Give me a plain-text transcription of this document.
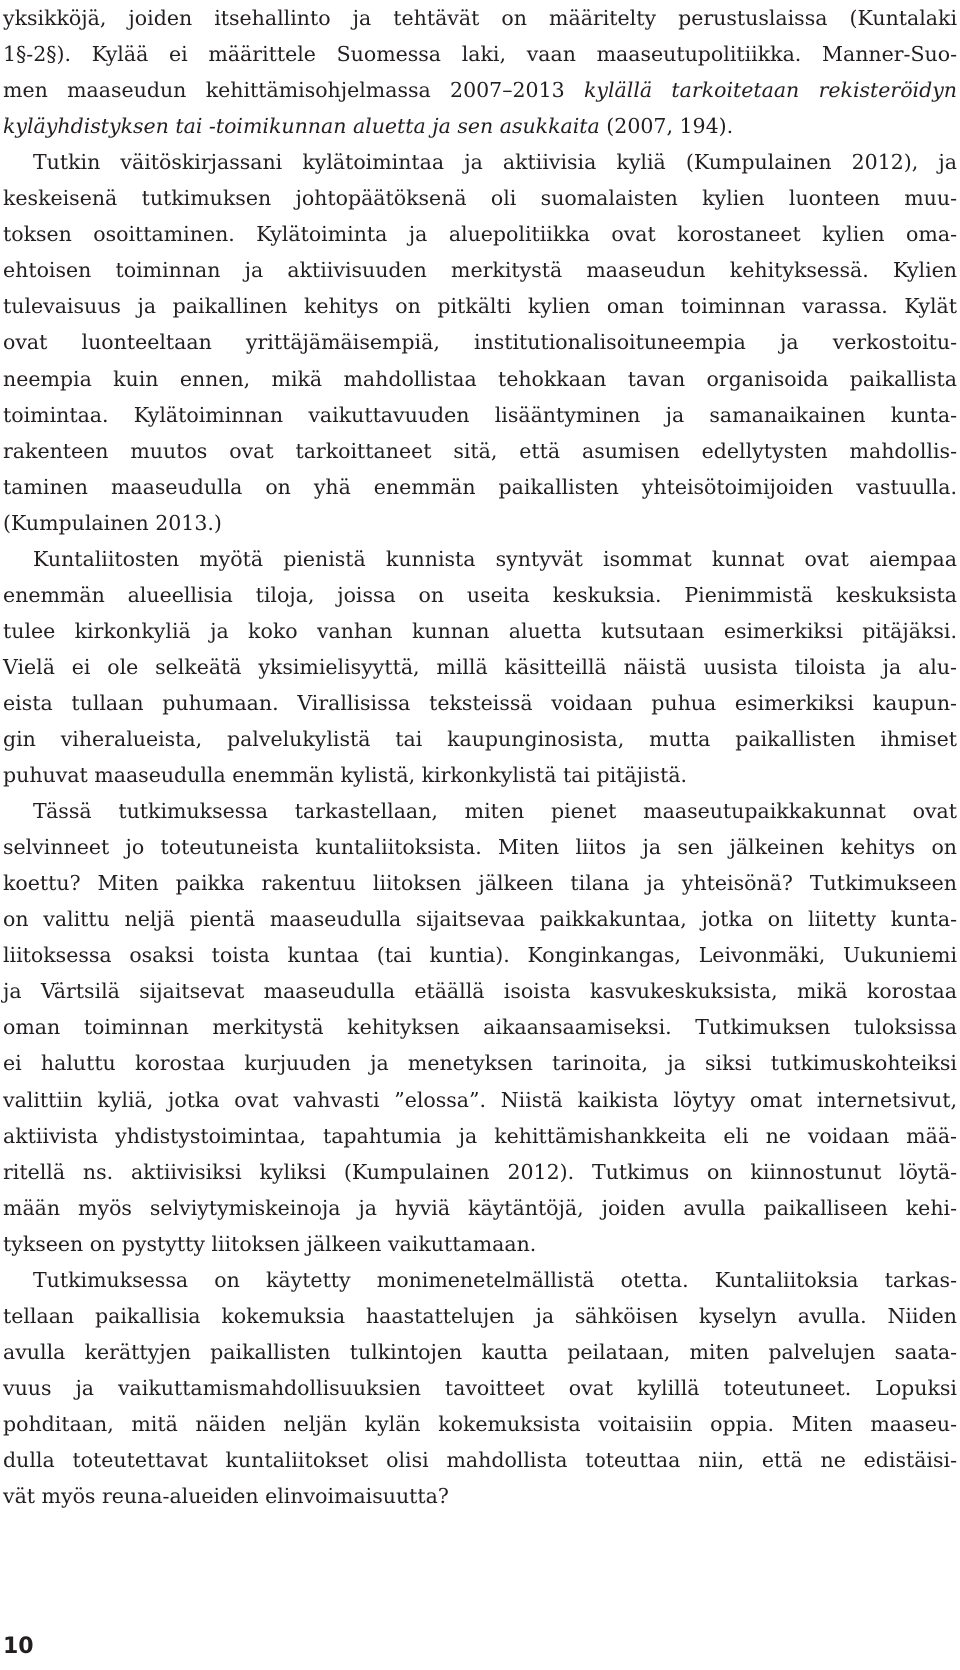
yksikköjä, joiden itsehallinto ja tehtävät on määritelty perustuslaissa (Kuntalaki
1§-2§). Kylää ei määrittele Suomessa laki, vaan maaseutupolitiikka. Manner-Suo-
men maaseudun kehittämisohjelmassa 2007–2013 kylällä tarkoitetaan rekisteröidyn
kyläyhdistyksen tai -toimikunnan aluetta ja sen asukkaita (2007, 194).
Tutkin väitöskirjassani kylätoimintaa ja aktiivisia kyliä (Kumpulainen 2012), ja
keskeisenä tutkimuksen johtopäätöksenä oli suomalaisten kylien luonteen muu-
toksen osoittaminen. Kylätoiminta ja aluepolitiikka ovat korostaneet kylien oma-
ehtoisen toiminnan ja aktiivisuuden merkitystä maaseudun kehityksessä. Kylien
tulevaisuus ja paikallinen kehitys on pitkälti kylien oman toiminnan varassa. Kylät
ovat luonteeltaan yrittäjämäisempiä, institutionalisoituneempia ja verkostoitu-
neempia kuin ennen, mikä mahdollistaa tehokkaan tavan organisoida paikallista
toimintaa. Kylätoiminnan vaikuttavuuden lisääntyminen ja samanaikainen kunta-
rakenteen muutos ovat tarkoittaneet sitä, että asumisen edellytysten mahdollis-
taminen maaseudulla on yhä enemmän paikallisten yhteisötoimijoiden vastuulla.
(Kumpulainen 2013.)
Kuntaliitosten myötä pienistä kunnista syntyvät isommat kunnat ovat aiempaa
enemmän alueellisia tiloja, joissa on useita keskuksia. Pienimmistä keskuksista
tulee kirkonkyliä ja koko vanhan kunnan aluetta kutsutaan esimerkiksi pitäjäksi.
Vielä ei ole selkeätä yksimielisyyttä, millä käsitteillä näistä uusista tiloista ja alu-
eista tullaan puhumaan. Virallisissa teksteissä voidaan puhua esimerkiksi kaupun-
gin viheralueista, palvelukylistä tai kaupunginosista, mutta paikallisten ihmiset
puhuvat maaseudulla enemmän kylistä, kirkonkylistä tai pitäjistä.
Tässä tutkimuksessa tarkastellaan, miten pienet maaseutupaikkakunnat ovat
selvinneet jo toteutuneista kuntaliitoksista. Miten liitos ja sen jälkeinen kehitys on
koettu? Miten paikka rakentuu liitoksen jälkeen tilana ja yhteisönä? Tutkimukseen
on valittu neljä pientä maaseudulla sijaitsevaa paikkakuntaa, jotka on liitetty kunta-
liitoksessa osaksi toista kuntaa (tai kuntia). Konginkangas, Leivonmäki, Uukuniemi
ja Värtsilä sijaitsevat maaseudulla etäällä isoista kasvukeskuksista, mikä korostaa
oman toiminnan merkitystä kehityksen aikaansaamiseksi. Tutkimuksen tuloksissa
ei haluttu korostaa kurjuuden ja menetyksen tarinoita, ja siksi tutkimuskohteiksi
valittiin kyliä, jotka ovat vahvasti ”elossa”. Niistä kaikista löytyy omat internetsivut,
aktiivista yhdistystoimintaa, tapahtumia ja kehittämishankkeita eli ne voidaan mää-
ritellä ns. aktiivisiksi kyliksi (Kumpulainen 2012). Tutkimus on kiinnostunut löytä-
mään myös selviytymiskeinoja ja hyviä käytäntöjä, joiden avulla paikalliseen kehi-
tykseen on pystytty liitoksen jälkeen vaikuttamaan.
Tutkimuksessa on käytetty monimenetelmällistä otetta. Kuntaliitoksia tarkas-
tellaan paikallisia kokemuksia haastattelujen ja sähköisen kyselyn avulla. Niiden
avulla kerättyjen paikallisten tulkintojen kautta peilataan, miten palvelujen saata-
vuus ja vaikuttamismahdollisuuksien tavoitteet ovat kylillä toteutuneet. Lopuksi
pohditaan, mitä näiden neljän kylän kokemuksista voitaisiin oppia. Miten maaseu-
dulla toteutettavat kuntaliitokset olisi mahdollista toteuttaa niin, että ne edistäisi-
vät myös reuna-alueiden elinvoimaisuutta?
10
